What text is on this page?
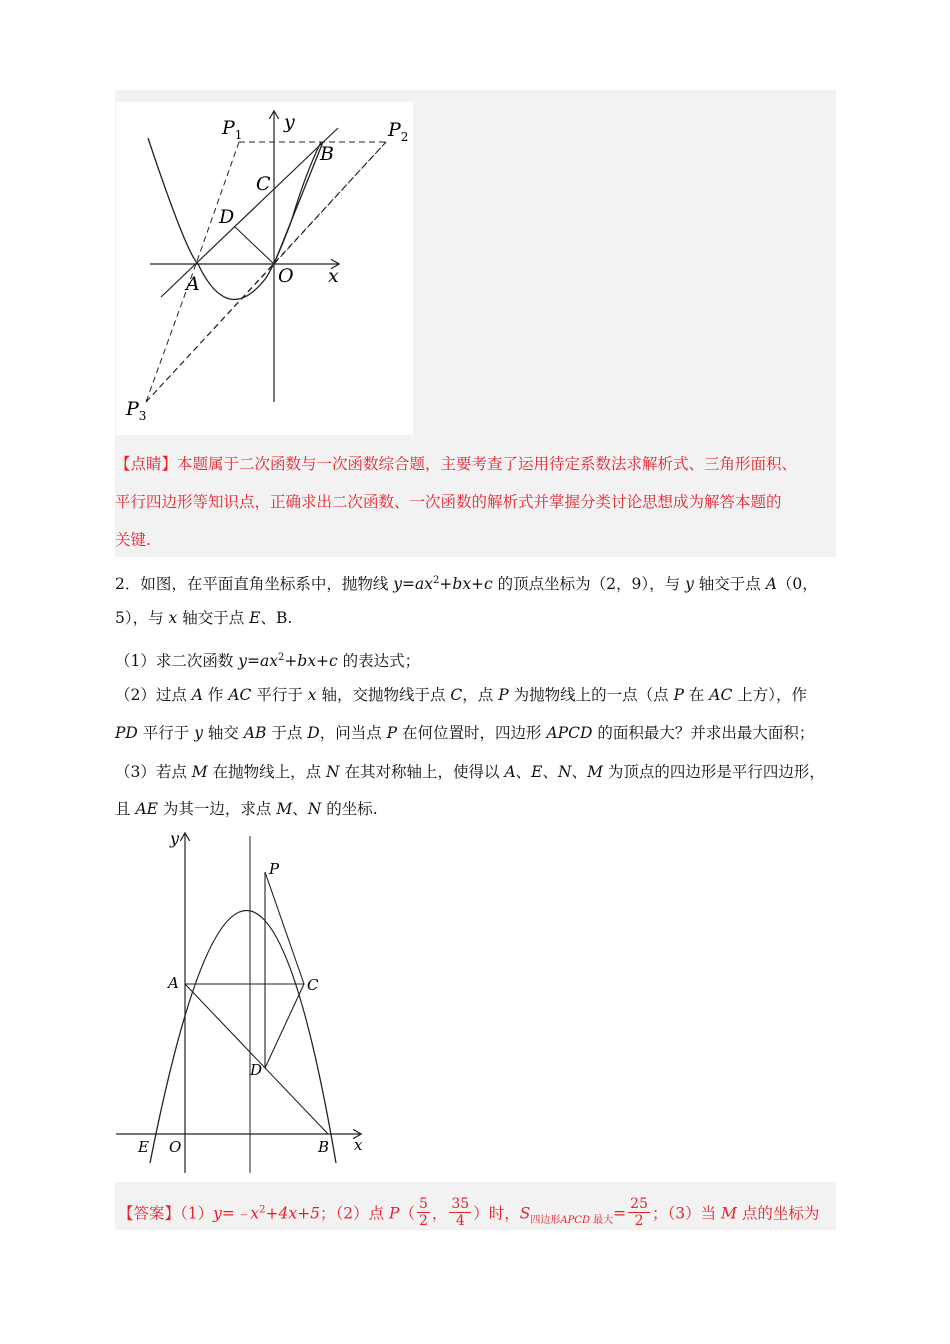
$P_1$
y	$P_2$
B
C
D
A	O x
$P_3$
【点睛】本题属于二次函数与一次函数综合题，主要考查了运用待定系数法求解析式、三角形面积、
平行四边形等知识点，正确求出二次函数、一次函数的解析式并掌握分类讨论思想成为解答本题的
关键.
2．如图，在平面直角坐标系中，抛物线 $y=ax^2+bx+c$ 的顶点坐标为（2，9），与 y 轴交于点 A（0，
5），与 x 轴交于点 E、B.
（1）求二次函数 $y=ax^2+bx+c$ 的表达式；
（2）过点 A 作 AC 平行于 x 轴，交抛物线于点 C，点 P 为抛物线上的一点（点 P 在 AC 上方），作
PD 平行于 y 轴交 AB 于点 D，问当点 P 在何位置时，四边形 APCD 的面积最大？并求出最大面积；
（3）若点 M 在抛物线上，点 N 在其对称轴上，使得以 A、E、N、M 为顶点的四边形是平行四边形，
且 AE 为其一边，求点 M、N 的坐标.
y
P
A	C
D
E O	B x
【答案】$(1)y=﹣x^2+4x+5$；（2）点 $P( \frac{5}{2}$ ， $\frac{35}{4}$ ）时，$S_{四边形APCD}$ $_{最大}= \frac{25}{2}$ ；（3）当 M 点的坐标为
